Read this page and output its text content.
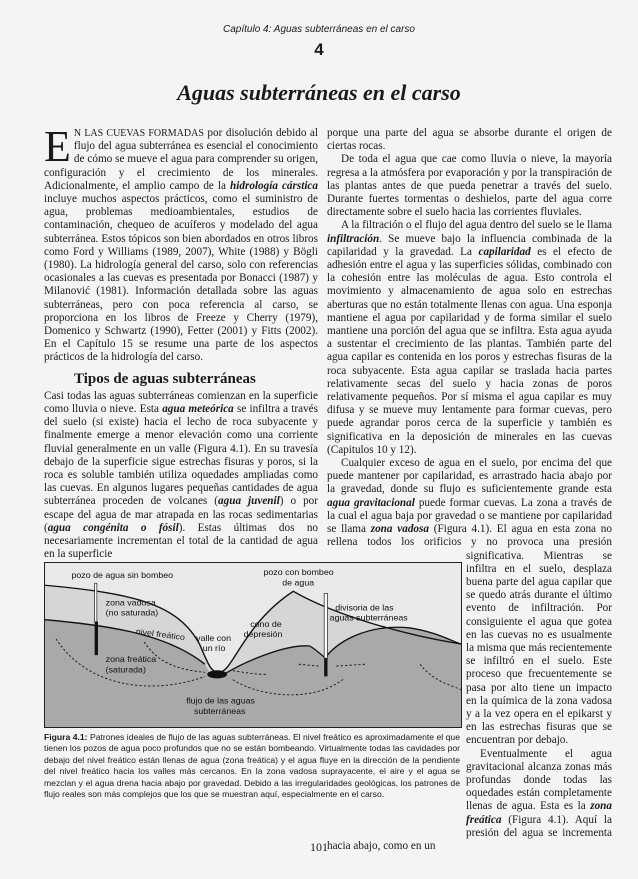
Capítulo 4: Aguas subterráneas en el carso
4
Aguas subterráneas en el carso

E N LAS CUEVAS FORMADAS por disolución debido al flujo del agua subterránea es esencial el conocimiento de cómo se mueve el agua para comprender su origen, configuración y el crecimiento de los minerales. Adicionalmente, el amplio campo de la hidrología cárstica incluye muchos aspectos prácticos, como el suministro de agua, problemas medioambientales, estudios de contaminación, chequeo de acuíferos y modelado del agua subterránea. Estos tópicos son bien abordados en otros libros como Ford y Williams (1989, 2007), White (1988) y Bögli (1980). La hidrología general del carso, solo con referencias ocasionales a las cuevas es presentada por Bonacci (1987) y Milanović (1981). Información detallada sobre las aguas subterráneas, pero con poca referencia al carso, se proporciona en los libros de Freeze y Cherry (1979), Domenico y Schwartz (1990), Fetter (2001) y Fitts (2002). En el Capítulo 15 se resume una parte de los aspectos prácticos de la hidrología del carso.

Tipos de aguas subterráneas

Casi todas las aguas subterráneas comienzan en la superficie como lluvia o nieve. Esta agua meteórica se infiltra a través del suelo (si existe) hacia el lecho de roca subyacente y finalmente emerge a menor elevación como una corriente fluvial generalmente en un valle (Figura 4.1). En su travesía debajo de la superficie sigue estrechas fisuras y poros, si la roca es soluble también utiliza oquedades ampliadas como las cuevas. En algunos lugares pequeñas cantidades de agua subterránea proceden de volcanes (agua juvenil) o por escape del agua de mar atrapada en las rocas sedimentarias (agua congénita o fósil). Estas últimas dos no necesariamente incrementan el total de la cantidad de agua en la superficie

porque una parte del agua se absorbe durante el origen de ciertas rocas.

De toda el agua que cae como lluvia o nieve, la mayoría regresa a la atmósfera por evaporación y por la transpiración de las plantas antes de que pueda penetrar a través del suelo. Durante fuertes tormentas o deshielos, parte del agua corre directamente sobre el suelo hacia las corrientes fluviales.

A la filtración o el flujo del agua dentro del suelo se le llama infiltración. Se mueve bajo la influencia combinada de la capilaridad y la gravedad. La capilaridad es el efecto de adhesión entre el agua y las superficies sólidas, combinado con la cohesión entre las moléculas de agua. Esto controla el movimiento y almacenamiento de agua solo en estrechas aberturas que no están totalmente llenas con agua. Una esponja mantiene el agua por capilaridad y de forma similar el suelo mantiene una porción del agua que se infiltra. Esta agua ayuda a sustentar el crecimiento de las plantas. También parte del agua capilar es contenida en los poros y estrechas fisuras de la roca subyacente. Esta agua capilar se traslada hacia partes relativamente secas del suelo y hacia zonas de poros relativamente pequeños. Por sí misma el agua capilar es muy difusa y se mueve muy lentamente para formar cuevas, pero puede agrandar poros cerca de la superficie y también es significativa en la deposición de minerales en las cuevas (Capitulos 10 y 12).

Cualquier exceso de agua en el suelo, por encima del que puede mantener por capilaridad, es arrastrado hacia abajo por la gravedad, donde su flujo es suficientemente grande esta agua gravitacional puede formar cuevas. La zona a través de la cual el agua baja por gravedad o se mantiene por capilaridad se llama zona vadosa (Figura 4.1). El agua en esta zona no rellena todos los orificios y no provoca una presión significativa. Mientras se infiltra en el suelo, desplaza buena parte del agua capilar que se quedo atrás durante el último evento de infiltración. Por consiguiente el agua que gotea en las cuevas no es usualmente la misma que más recientemente se infiltró en el suelo. Este proceso que frecuentemente se pasa por alto tiene un impacto en la química de la zona vadosa y a la vez opera en el epikarst y en las estrechas fisuras que se encuentran por debajo.

Eventualmente el agua gravitacional alcanza zonas más profundas donde todas las oquedades están completamente llenas de agua. Esta es la zona freática (Figura 4.1). Aquí la presión del agua se incrementa hacia abajo, como en un

pozo de agua sin bombeo	pozo con bombeo
de agua
zona vadosa
(no saturada)
divisoria de las
aguas subterráneas
cono de
depresión
nivel freático valle con
un río
zona freática
(saturada)
flujo de las aguas
subterráneas
Figura 4.1: Patrones ideales de flujo de las aguas subterráneas. El nivel freático es aproximadamente el que tienen los pozos de agua poco profundos que no se están bombeando. Virtualmente todas las cavidades por debajo del nivel freático están llenas de agua (zona freática) y el agua fluye en la dirección de la pendiente del nivel freático hacia los valles más cercanos. En la zona vadosa suprayacente, el aire y el agua se mezclan y el agua drena hacia abajo por gravedad. Debido a las irregularidades geológicas, los patrones de flujo reales son más complejos que los que se muestran aquí, especialmente en el carso.
101
